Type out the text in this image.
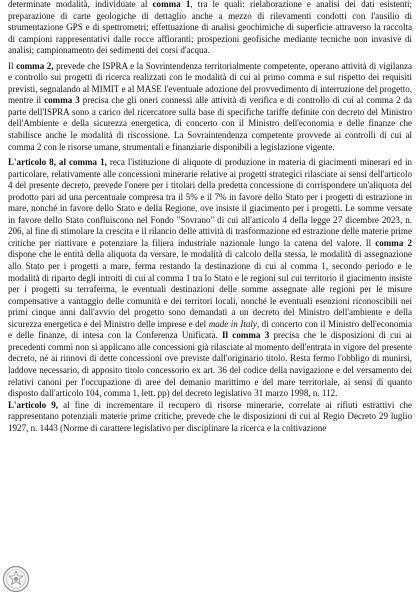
determinate modalità, individuate al comma 1, tra le quali: rielaborazione e analisi dei dati esistenti; preparazione di carte geologiche di dettaglio anche a mezzo di rilevamenti condotti con l'ausilio di strumentazione GPS e di spettrometri; effettuazione di analisi geochimiche di superficie attraverso la raccolta di campioni rappresentativi dalle rocce affioranti; prospezioni geofisiche mediante tecniche non invasive di analisi; campionamento dei sedimenti dei corsi d'acqua.

Il comma 2, prevede che ISPRA e la Sovrintendenza territorialmente competente, operano attività di vigilanza e controllo sui progetti di ricerca realizzati con le modalità di cui al primo comma e sul rispetto dei requisiti previsti, segnalando al MIMIT e al MASE l'eventuale adozione del provvedimento di interruzione del progetto, mentre il comma 3 precisa che gli oneri connessi alle attività di verifica e di controllo di cui al comma 2 da parte dell'ISPRA sono a carico del ricercatore sulla base di specifiche tariffe definite con decreto del Ministro dell'Ambiente e della sicurezza energetica, di concerto con il Ministro dell'economia e delle finanze che stabilisce anche le modalità di riscossione. La Sovraintendenza competente provvede ai controlli di cui al comma 2 con le risorse umane, strumentali e finanziarie disponibili a legislazione vigente.

L'articolo 8, al comma 1, reca l'istituzione di aliquote di produzione in materia di giacimenti minerari ed in particolare, relativamente alle concessioni minerarie relative ai progetti strategici rilasciate ai sensi dell'articolo 4 del presente decreto, prevede l'onere per i titolari della predetta concessione di corrispondere un'aliquota del prodotto pari ad una percentuale compresa tra il 5% e il 7% in favore dello Stato per i progetti di estrazione in mare, nonché in favore dello Stato e della Regione, ove insiste il giacimento per i progetti. Le somme versate in favore dello Stato confluiscono nel Fondo "Sovrano" di cui all'articolo 4 della legge 27 dicembre 2023, n. 206, al fine di stimolare la crescita e il rilancio delle attività di trasformazione ed estrazione delle materie prime critiche per riattivare e potenziare la filiera industriale nazionale lungo la catena del valore. Il comma 2 dispone che le entità della aliquota da versare, le modalità di calcolo della stessa, le modalità di assegnazione allo Stato per i progetti a mare, ferma restando la destinazione di cui al comma 1, secondo periodo e le modalità di riparto degli introiti di cui al comma 1 tra lo Stato e le regioni sul cui territorio il giacimento insiste per i progetti su terraferma, le eventuali destinazioni delle somme assegnate alle regioni per le misure compensative a vantaggio delle comunità e dei territori locali, nonché le eventuali esenzioni riconoscibili nei primi cinque anni dall'avvio del progetto sono demandati a un decreto del Ministro dell'ambiente e della sicurezza energetica e del Ministro delle imprese e del made in Italy, di concerto con il Ministro dell'economia e delle finanze, di intesa con la Conferenza Unificata. Il comma 3 precisa che le disposizioni di cui ai precedenti commi non si applicano alle concessioni già rilasciate al momento dell'entrata in vigore del presente decreto, né ai rinnovi di dette concessioni ove previste dall'originario titolo. Resta fermo l'obbligo di munirsi, laddove necessario, di apposito titolo concessorio ex art. 36 del codice della navigazione e del versamento dei relativi canoni per l'occupazione di aree del demanio marittimo e del mare territoriale, ai sensi di quanto disposto dall'articolo 104, comma 1, lett. pp) del decreto legislativo 31 marzo 1998, n. 112.

L'articolo 9, al fine di incrementare il recupero di risorse minerarie, correlate ai rifiuti estrattivi che rappresentano potenziali materie prime critiche, prevede che le disposizioni di cui al Regio Decreto 29 luglio 1927, n. 1443 (Norme di carattere legislativo per disciplinare la ricerca e la coltivazione
